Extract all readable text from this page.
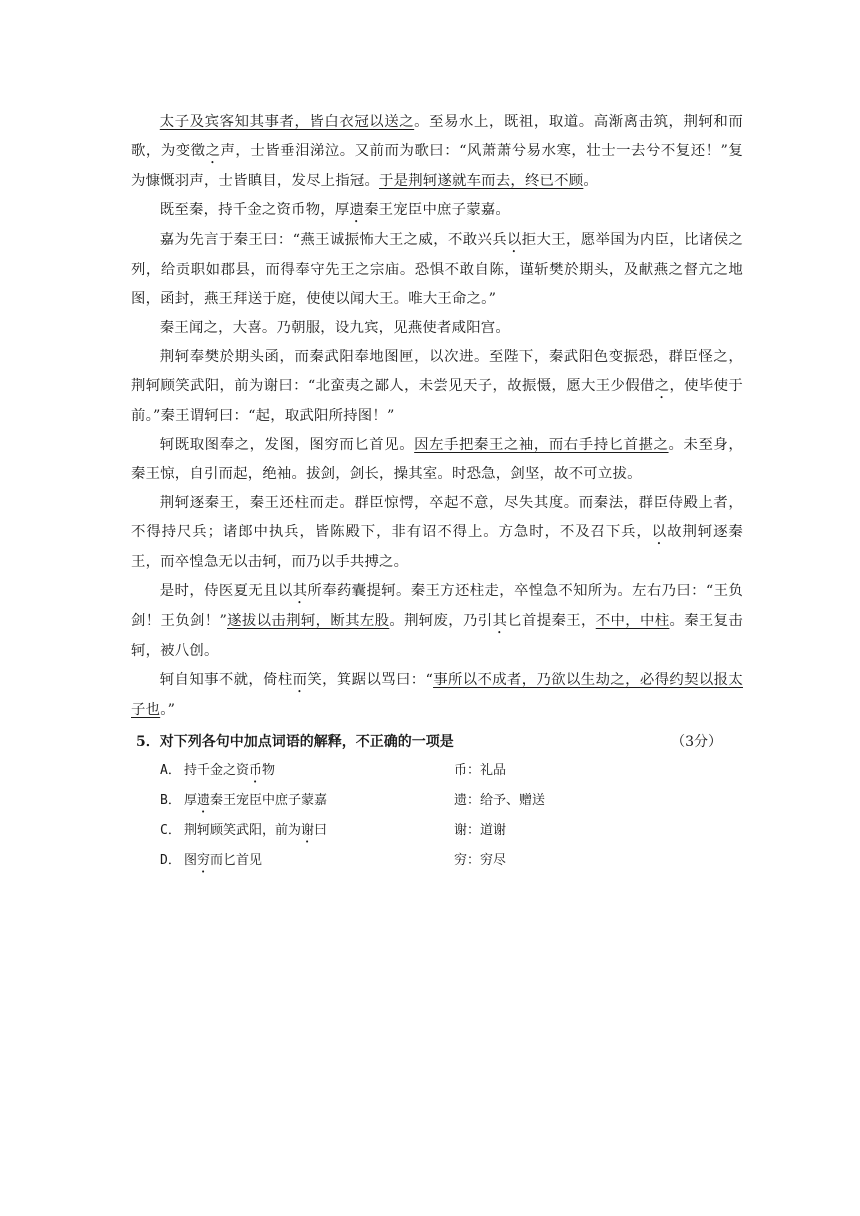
太子及宾客知其事者，皆白衣冠以送之。至易水上，既祖，取道。高渐离击筑，荆轲和而歌，为变徵之声，士皆垂泪涕泣。又前而为歌曰：“风萧萧兮易水寒，壮士一去兮不复还！”复为慷慨羽声，士皆瞋目，发尽上指冠。于是荆轲遂就车而去，终已不顾。

既至秦，持千金之资币物，厚遗秦王宠臣中庶子蒙嘉。

嘉为先言于秦王曰：“燕王诚振怖大王之威，不敢兴兵以拒大王，愿举国为内臣，比诸侯之列，给贡职如郡县，而得奉守先王之宗庙。恐惧不敢自陈，谨斩樊於期头，及献燕之督亢之地图，函封，燕王拜送于庭，使使以闻大王。唯大王命之。”

秦王闻之，大喜。乃朝服，设九宾，见燕使者咸阳宫。

荆轲奉樊於期头函，而秦武阳奉地图匣，以次进。至陛下，秦武阳色变振恐，群臣怪之，荆轲顾笑武阳，前为谢曰：“北蛮夷之鄙人，未尝见天子，故振慑，愿大王少假借之，使毕使于前。”秦王谓轲曰：“起，取武阳所持图！”

轲既取图奉之，发图，图穷而匕首见。因左手把秦王之袖，而右手持匕首揕之。未至身，秦王惊，自引而起，绝袖。拔剑，剑长，操其室。时恐急，剑坚，故不可立拔。

荆轲逐秦王，秦王还柱而走。群臣惊愕，卒起不意，尽失其度。而秦法，群臣侍殿上者，不得持尺兵；诸郎中执兵，皆陈殿下，非有诏不得上。方急时，不及召下兵，以故荆轲逐秦王，而卒惶急无以击轲，而乃以手共搏之。

是时，侍医夏无且以其所奉药囊提轲。秦王方还柱走，卒惶急不知所为。左右乃曰：“王负剑！王负剑！”遂拔以击荆轲，断其左股。荆轲废，乃引其匕首提秦王，不中，中柱。秦王复击轲，被八创。

轲自知事不就，倚柱而笑，箕踞以骂曰：“事所以不成者，乃欲以生劫之，必得约契以报太子也。”

5．对下列各句中加点词语的解释，不正确的一项是	（3分）
A． 持千金之资币物	币：礼品
B． 厚遗秦王宠臣中庶子蒙嘉	遗：给予、赠送
C． 荆轲顾笑武阳，前为谢曰	谢：道谢
D． 图穷而匕首见	穷：穷尽
